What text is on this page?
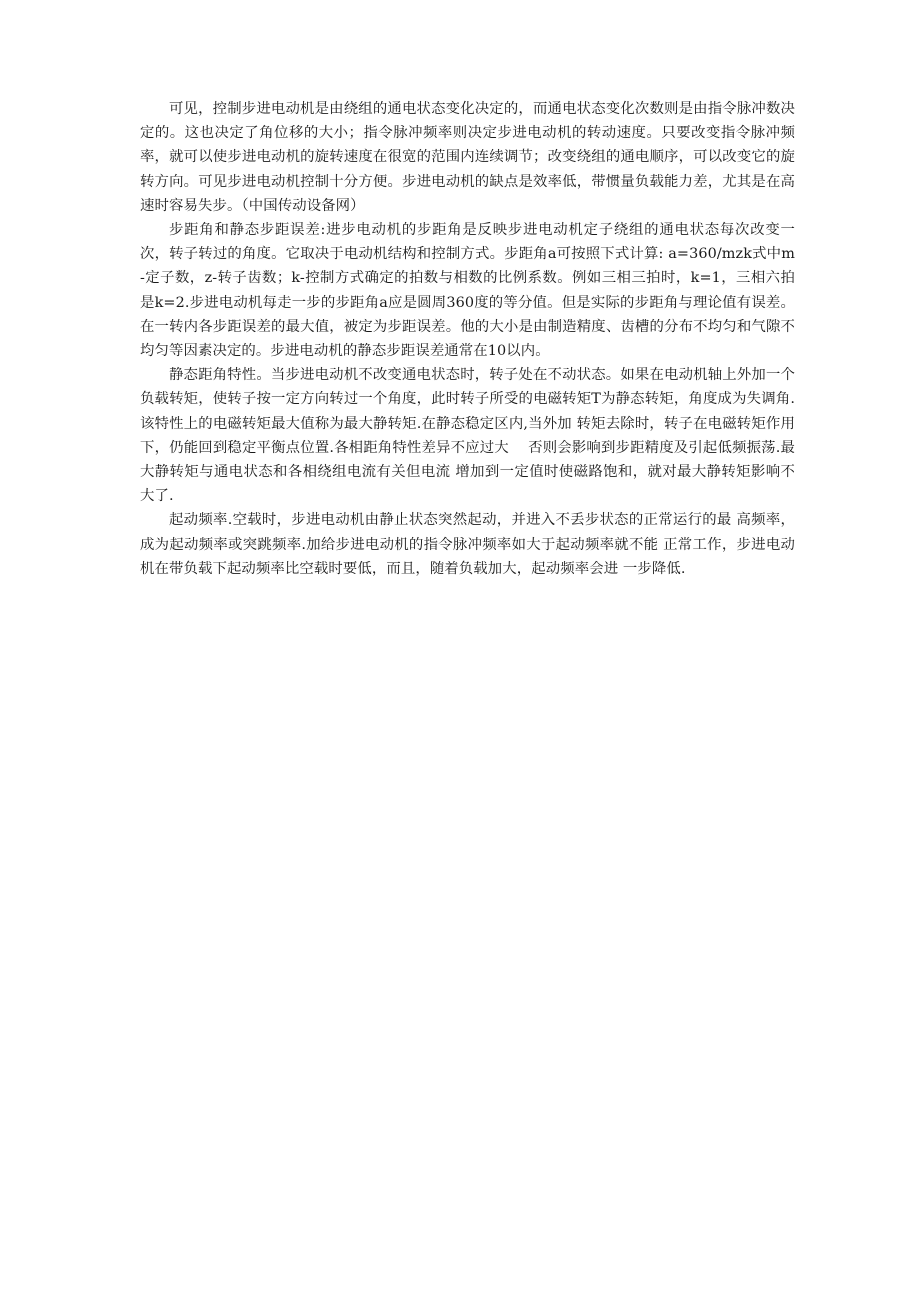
可见，控制步进电动机是由绕组的通电状态变化决定的，而通电状态变化次数则是由指令脉冲数决定的。这也决定了角位移的大小；指令脉冲频率则决定步进电动机的转动速度。只要改变指令脉冲频率，就可以使步进电动机的旋转速度在很宽的范围内连续调节；改变绕组的通电顺序，可以改变它的旋转方向。可见步进电动机控制十分方便。步进电动机的缺点是效率低，带惯量负载能力差，尤其是在高速时容易失步。（中国传动设备网）

步距角和静态步距误差:进步电动机的步距角是反映步进电动机定子绕组的通电状态每次改变一次，转子转过的角度。它取决于电动机结构和控制方式。步距角a可按照下式计算: a=360/mzk式中m-定子数，z-转子齿数；k-控制方式确定的拍数与相数的比例系数。例如三相三拍时，k=1，三相六拍是k=2.步进电动机每走一步的步距角a应是圆周360度的等分值。但是实际的步距角与理论值有误差。在一转内各步距误差的最大值，被定为步距误差。他的大小是由制造精度、齿槽的分布不均匀和气隙不均匀等因素决定的。步进电动机的静态步距误差通常在10以内。

静态距角特性。当步进电动机不改变通电状态时，转子处在不动状态。如果在电动机轴上外加一个负载转矩，使转子按一定方向转过一个角度，此时转子所受的电磁转矩T为静态转矩，角度成为失调角.该特性上的电磁转矩最大值称为最大静转矩.在静态稳定区内,当外加 转矩去除时，转子在电磁转矩作用下，仍能回到稳定平衡点位置.各相距角特性差异不应过大　 否则会影响到步距精度及引起低频振荡.最大静转矩与通电状态和各相绕组电流有关但电流 增加到一定值时使磁路饱和，就对最大静转矩影响不大了.

起动频率.空载时，步进电动机由静止状态突然起动，并进入不丢步状态的正常运行的最 高频率，成为起动频率或突跳频率.加给步进电动机的指令脉冲频率如大于起动频率就不能 正常工作，步进电动机在带负载下起动频率比空载时要低，而且，随着负载加大，起动频率会进 一步降低.
